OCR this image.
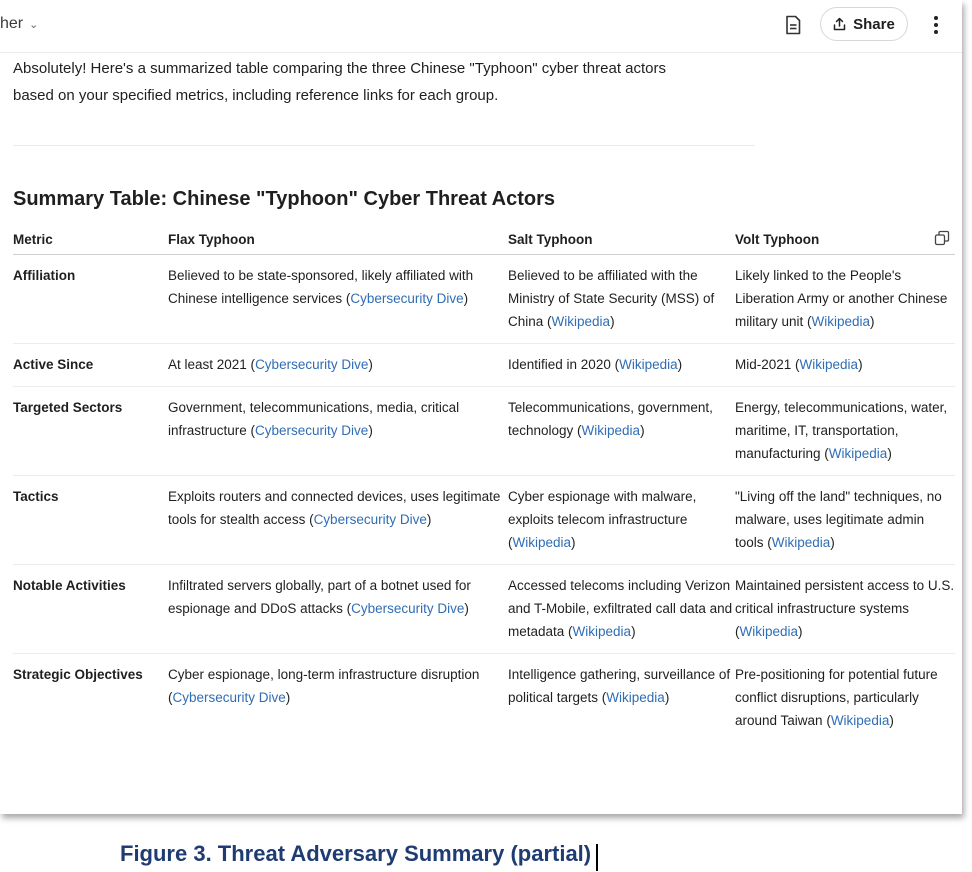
her ⌄	Share

Absolutely! Here's a summarized table comparing the three Chinese "Typhoon" cyber threat actors
based on your specified metrics, including reference links for each group.

Summary Table: Chinese "Typhoon" Cyber Threat Actors
Metric	Flax Typhoon	Salt Typhoon	Volt Typhoon
Affiliation	Believed to be state-sponsored, likely affiliated with Chinese intelligence services (Cybersecurity Dive)	Believed to be affiliated with the Ministry of State Security (MSS) of China (Wikipedia)	Likely linked to the People's Liberation Army or another Chinese military unit (Wikipedia)
Active Since	At least 2021 (Cybersecurity Dive)	Identified in 2020 (Wikipedia)	Mid-2021 (Wikipedia)
Targeted Sectors	Government, telecommunications, media, critical infrastructure (Cybersecurity Dive)	Telecommunications, government, technology (Wikipedia)	Energy, telecommunications, water, maritime, IT, transportation, manufacturing (Wikipedia)
Tactics	Exploits routers and connected devices, uses legitimate tools for stealth access (Cybersecurity Dive)	Cyber espionage with malware, exploits telecom infrastructure (Wikipedia)	"Living off the land" techniques, no malware, uses legitimate admin tools (Wikipedia)
Notable Activities	Infiltrated servers globally, part of a botnet used for espionage and DDoS attacks (Cybersecurity Dive)	Accessed telecoms including Verizon and T-Mobile, exfiltrated call data and metadata (Wikipedia)	Maintained persistent access to U.S. critical infrastructure systems (Wikipedia)
Strategic Objectives	Cyber espionage, long-term infrastructure disruption (Cybersecurity Dive)	Intelligence gathering, surveillance of political targets (Wikipedia)	Pre-positioning for potential future conflict disruptions, particularly around Taiwan (Wikipedia)

Figure 3. Threat Adversary Summary (partial)
